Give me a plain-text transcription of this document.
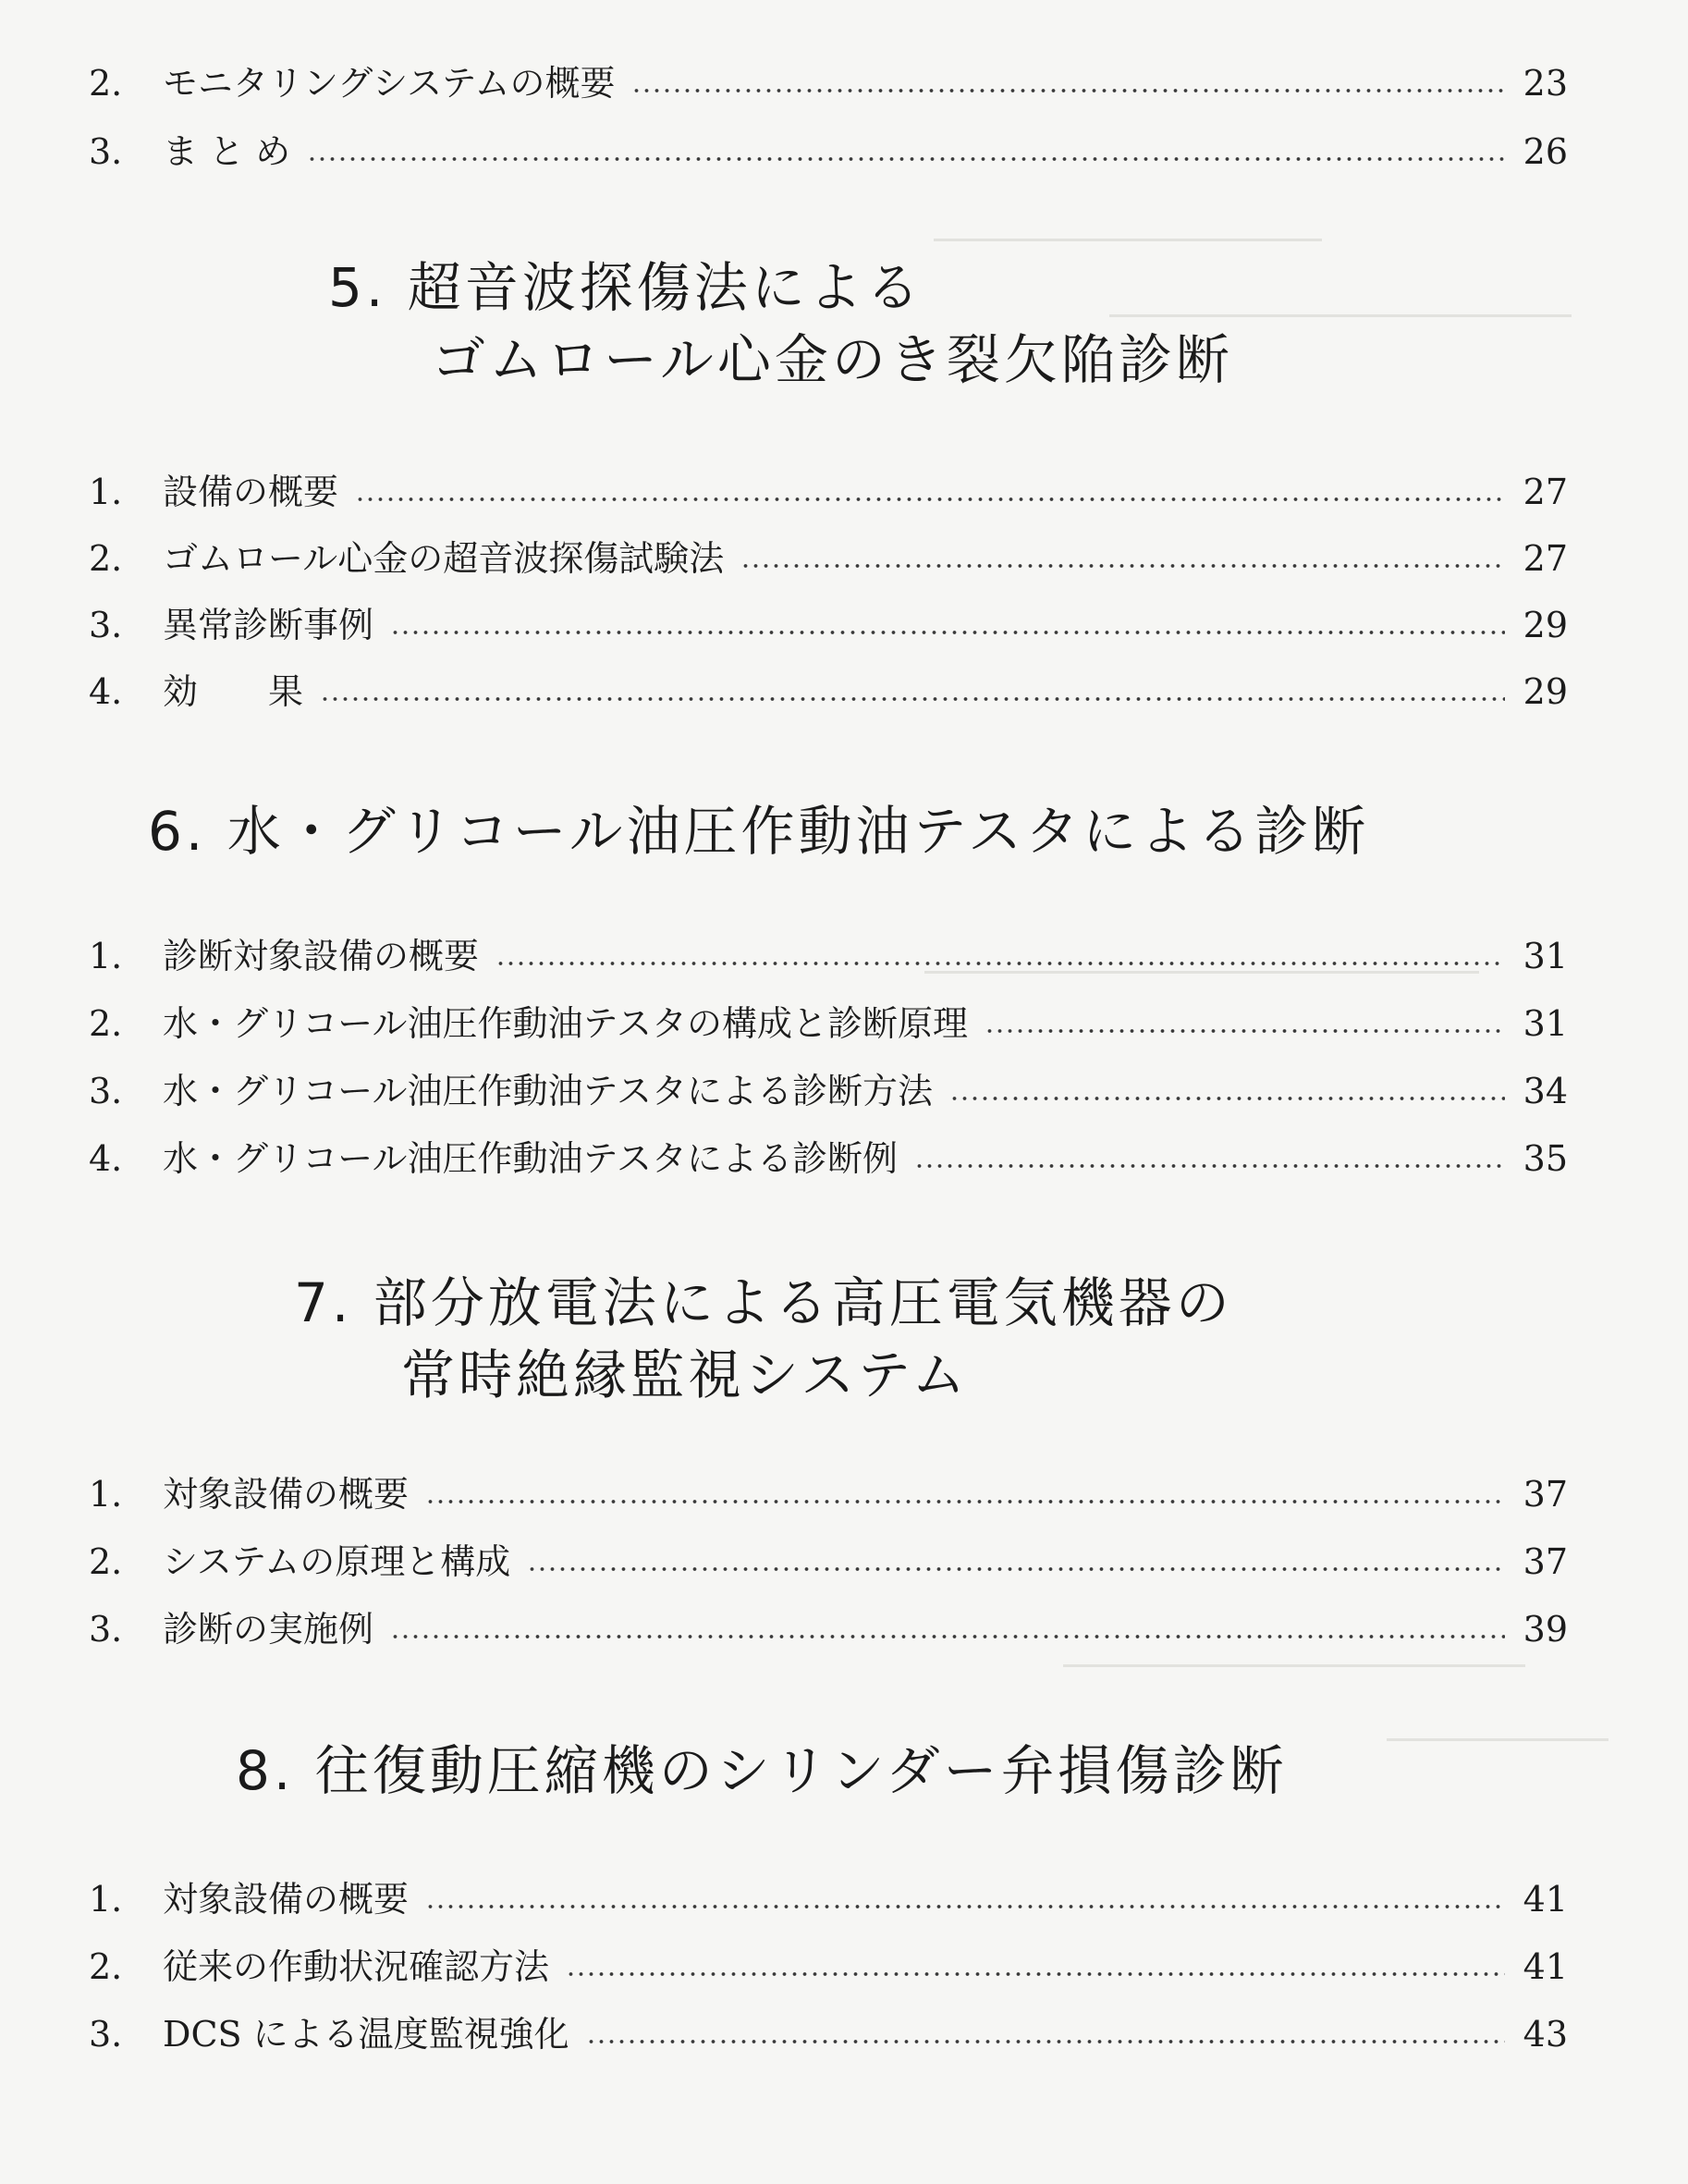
2.	モニタリングシステムの概要	23
3.	ま と め	26
5. 超音波探傷法による
ゴムロール心金のき裂欠陥診断
1.	設備の概要	27
2.	ゴムロール心金の超音波探傷試験法	27
3.	異常診断事例	29
4.	効　　果	29
6. 水・グリコール油圧作動油テスタによる診断
1.	診断対象設備の概要	31
2.	水・グリコール油圧作動油テスタの構成と診断原理	31
3.	水・グリコール油圧作動油テスタによる診断方法	34
4.	水・グリコール油圧作動油テスタによる診断例	35
7. 部分放電法による高圧電気機器の
常時絶縁監視システム
1.	対象設備の概要	37
2.	システムの原理と構成	37
3.	診断の実施例	39
8. 往復動圧縮機のシリンダー弁損傷診断
1.	対象設備の概要	41
2.	従来の作動状況確認方法	41
3.	DCS による温度監視強化	43
